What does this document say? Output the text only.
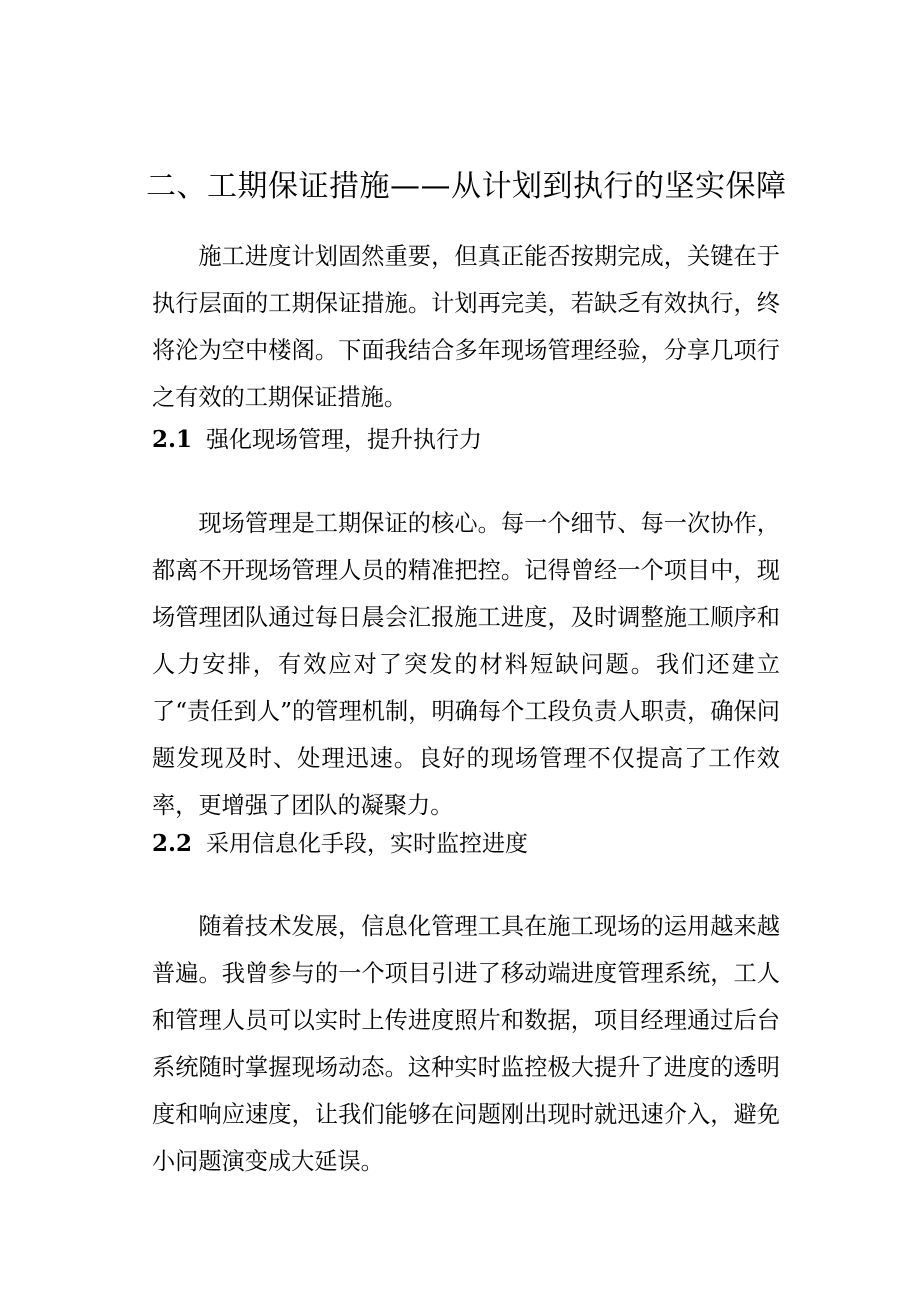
二、工期保证措施——从计划到执行的坚实保障

施工进度计划固然重要，但真正能否按期完成，关键在于执行层面的工期保证措施。计划再完美，若缺乏有效执行，终将沦为空中楼阁。下面我结合多年现场管理经验，分享几项行之有效的工期保证措施。

2.1 强化现场管理，提升执行力

现场管理是工期保证的核心。每一个细节、每一次协作，都离不开现场管理人员的精准把控。记得曾经一个项目中，现场管理团队通过每日晨会汇报施工进度，及时调整施工顺序和人力安排，有效应对了突发的材料短缺问题。我们还建立了“责任到人”的管理机制，明确每个工段负责人职责，确保问题发现及时、处理迅速。良好的现场管理不仅提高了工作效率，更增强了团队的凝聚力。

2.2 采用信息化手段，实时监控进度

随着技术发展，信息化管理工具在施工现场的运用越来越普遍。我曾参与的一个项目引进了移动端进度管理系统，工人和管理人员可以实时上传进度照片和数据，项目经理通过后台系统随时掌握现场动态。这种实时监控极大提升了进度的透明度和响应速度，让我们能够在问题刚出现时就迅速介入，避免小问题演变成大延误。
